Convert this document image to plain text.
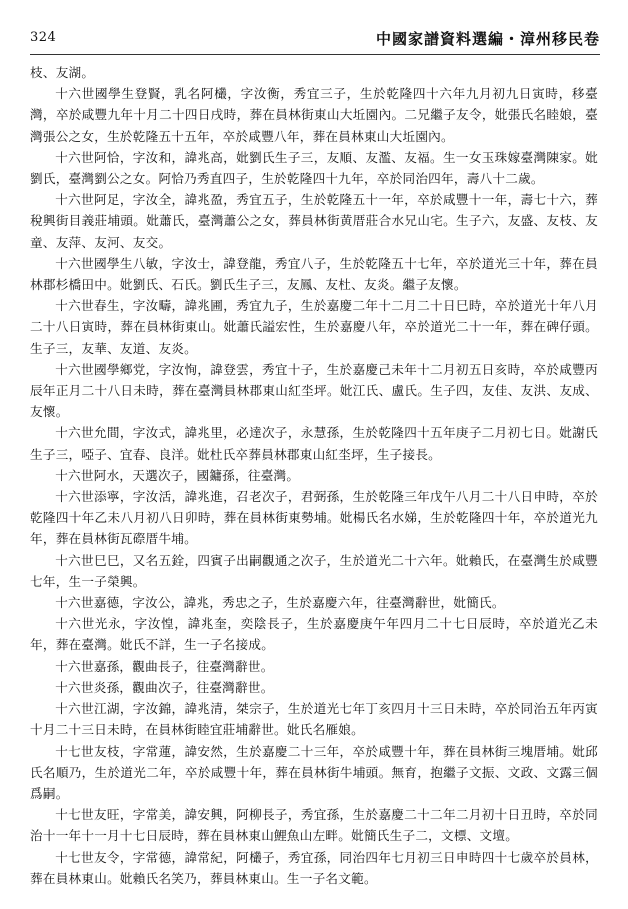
324	中國家譜資料選編・漳州移民卷

枝、友湖。

十六世國學生登賢，乳名阿欉，字汝衡，秀宜三子，生於乾隆四十六年九月初九日寅時，移臺灣，卒於咸豐九年十月二十四日戌時，葬在員林街東山大坵園內。二兄繼子友令，妣張氏名睦娘，臺灣張公之女，生於乾隆五十五年，卒於咸豐八年，葬在員林東山大坵園內。

十六世阿恰，字汝和，諱兆高，妣劉氏生子三，友順、友濫、友福。生一女玉珠嫁臺灣陳家。妣劉氏，臺灣劉公之女。阿恰乃秀直四子，生於乾隆四十九年，卒於同治四年，壽八十二歲。

十六世阿足，字汝全，諱兆盈，秀宜五子，生於乾隆五十一年，卒於咸豐十一年，壽七十六，葬稅興街目義莊埔頭。妣蕭氏，臺灣蕭公之女，葬員林街黄厝莊合水兄山宅。生子六，友盛、友枝、友童、友萍、友河、友交。

十六世國學生八敏，字汝士，諱登龍，秀宜八子，生於乾隆五十七年，卒於道光三十年，葬在員林郡杉橋田中。妣劉氏、石氏。劉氏生子三，友鳳、友杜、友炎。繼子友懷。

十六世春生，字汝疇，諱兆圃，秀宜九子，生於嘉慶二年十二月二十日巳時，卒於道光十年八月二十八日寅時，葬在員林街東山。妣蕭氏謚宏性，生於嘉慶八年，卒於道光二十一年，葬在碑仔頭。生子三，友華、友道、友炎。

十六世國學鄉党，字汝恂，諱登雲，秀宜十子，生於嘉慶己未年十二月初五日亥時，卒於咸豐丙辰年正月二十八日未時，葬在臺灣員林郡東山紅坔坪。妣江氏、盧氏。生子四，友佳、友洪、友成、友懷。

十六世允間，字汝式，諱兆里，必達次子，永慧孫，生於乾隆四十五年庚子二月初七日。妣謝氏生子三，啞子、宜春、良洋。妣杜氏卒葬員林郡東山紅坔坪，生子接長。

十六世阿水，天選次子，國鏞孫，往臺灣。

十六世添寧，字汝活，諱兆進，召老次子，君弼孫，生於乾隆三年戊午八月二十八日申時，卒於乾隆四十年乙未八月初八日卯時，葬在員林街東勢埔。妣楊氏名水娣，生於乾隆四十年，卒於道光九年，葬在員林街瓦磜厝牛埔。

十六世巳巳，又名五銓，四賓子出嗣觀通之次子，生於道光二十六年。妣賴氏，在臺灣生於咸豐七年，生一子榮興。

十六世嘉德，字汝公，諱兆，秀忠之子，生於嘉慶六年，往臺灣辭世，妣簡氏。

十六世光永，字汝惶，諱兆奎，奕陰長子，生於嘉慶庚午年四月二十七日辰時，卒於道光乙未年，葬在臺灣。妣氏不詳，生一子名接成。

十六世嘉孫，觀曲長子，往臺灣辭世。

十六世炎孫，觀曲次子，往臺灣辭世。

十六世江湖，字汝錦，諱兆清，桀宗子，生於道光七年丁亥四月十三日未時，卒於同治五年丙寅十月二十三日未時，在員林街睦宜莊埔辭世。妣氏名雁娘。

十七世友枝，字常蓮，諱安然，生於嘉慶二十三年，卒於咸豐十年，葬在員林街三塊厝埔。妣邱氏名順乃，生於道光二年，卒於咸豐十年，葬在員林街牛埔頭。無育，抱繼子文振、文政、文露三個爲嗣。

十七世友旺，字常美，諱安興，阿柳長子，秀宜孫，生於嘉慶二十二年二月初十日丑時，卒於同治十一年十一月十七日辰時，葬在員林東山鯉魚山左畔。妣簡氏生子二，文標、文壇。

十七世友令，字常德，諱常紀，阿欉子，秀宜孫，同治四年七月初三日申時四十七歲卒於員林，葬在員林東山。妣賴氏名笑乃，葬員林東山。生一子名文範。
